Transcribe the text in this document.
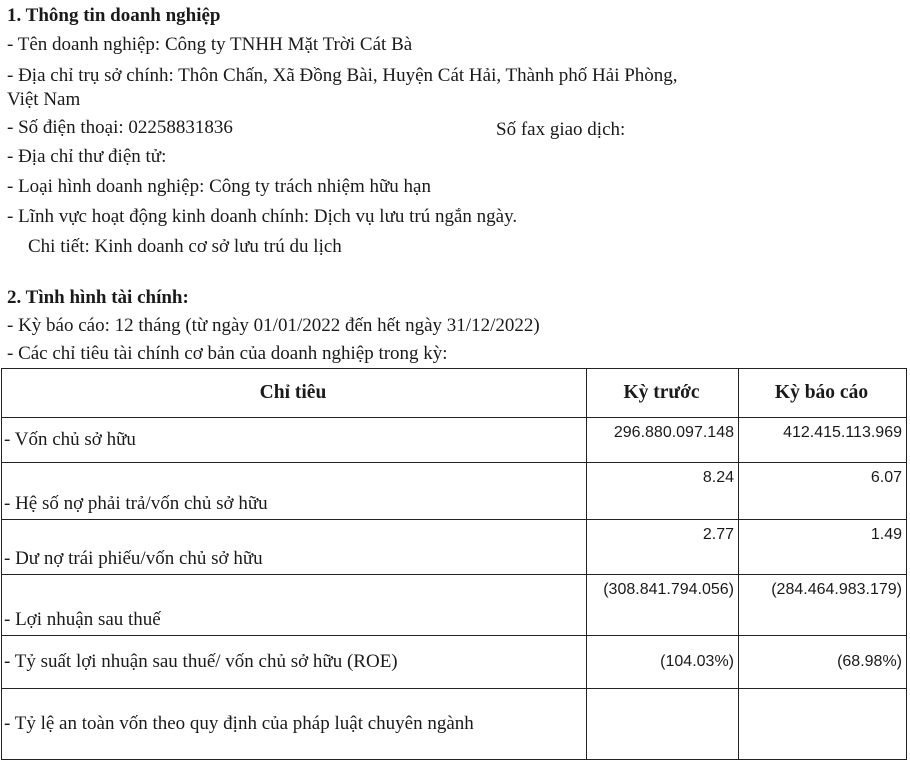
1. Thông tin doanh nghiệp
- Tên doanh nghiệp: Công ty TNHH Mặt Trời Cát Bà
- Địa chỉ trụ sở chính: Thôn Chấn, Xã Đồng Bài, Huyện Cát Hải, Thành phố Hải Phòng,
Việt Nam
- Số điện thoại: 02258831836	Số fax giao dịch:
- Địa chỉ thư điện tử:
- Loại hình doanh nghiệp: Công ty trách nhiệm hữu hạn
- Lĩnh vực hoạt động kinh doanh chính: Dịch vụ lưu trú ngắn ngày.
Chi tiết: Kinh doanh cơ sở lưu trú du lịch
2. Tình hình tài chính:
- Kỳ báo cáo: 12 tháng (từ ngày 01/01/2022 đến hết ngày 31/12/2022)
- Các chỉ tiêu tài chính cơ bản của doanh nghiệp trong kỳ:
Chỉ tiêu	Kỳ trước	Kỳ báo cáo
- Vốn chủ sở hữu	296.880.097.148	412.415.113.969
- Hệ số nợ phải trả/vốn chủ sở hữu	8.24	6.07
- Dư nợ trái phiếu/vốn chủ sở hữu	2.77	1.49
- Lợi nhuận sau thuế	(308.841.794.056)	(284.464.983.179)
- Tỷ suất lợi nhuận sau thuế/ vốn chủ sở hữu (ROE)	(104.03%)	(68.98%)
- Tỷ lệ an toàn vốn theo quy định của pháp luật chuyên ngành		
